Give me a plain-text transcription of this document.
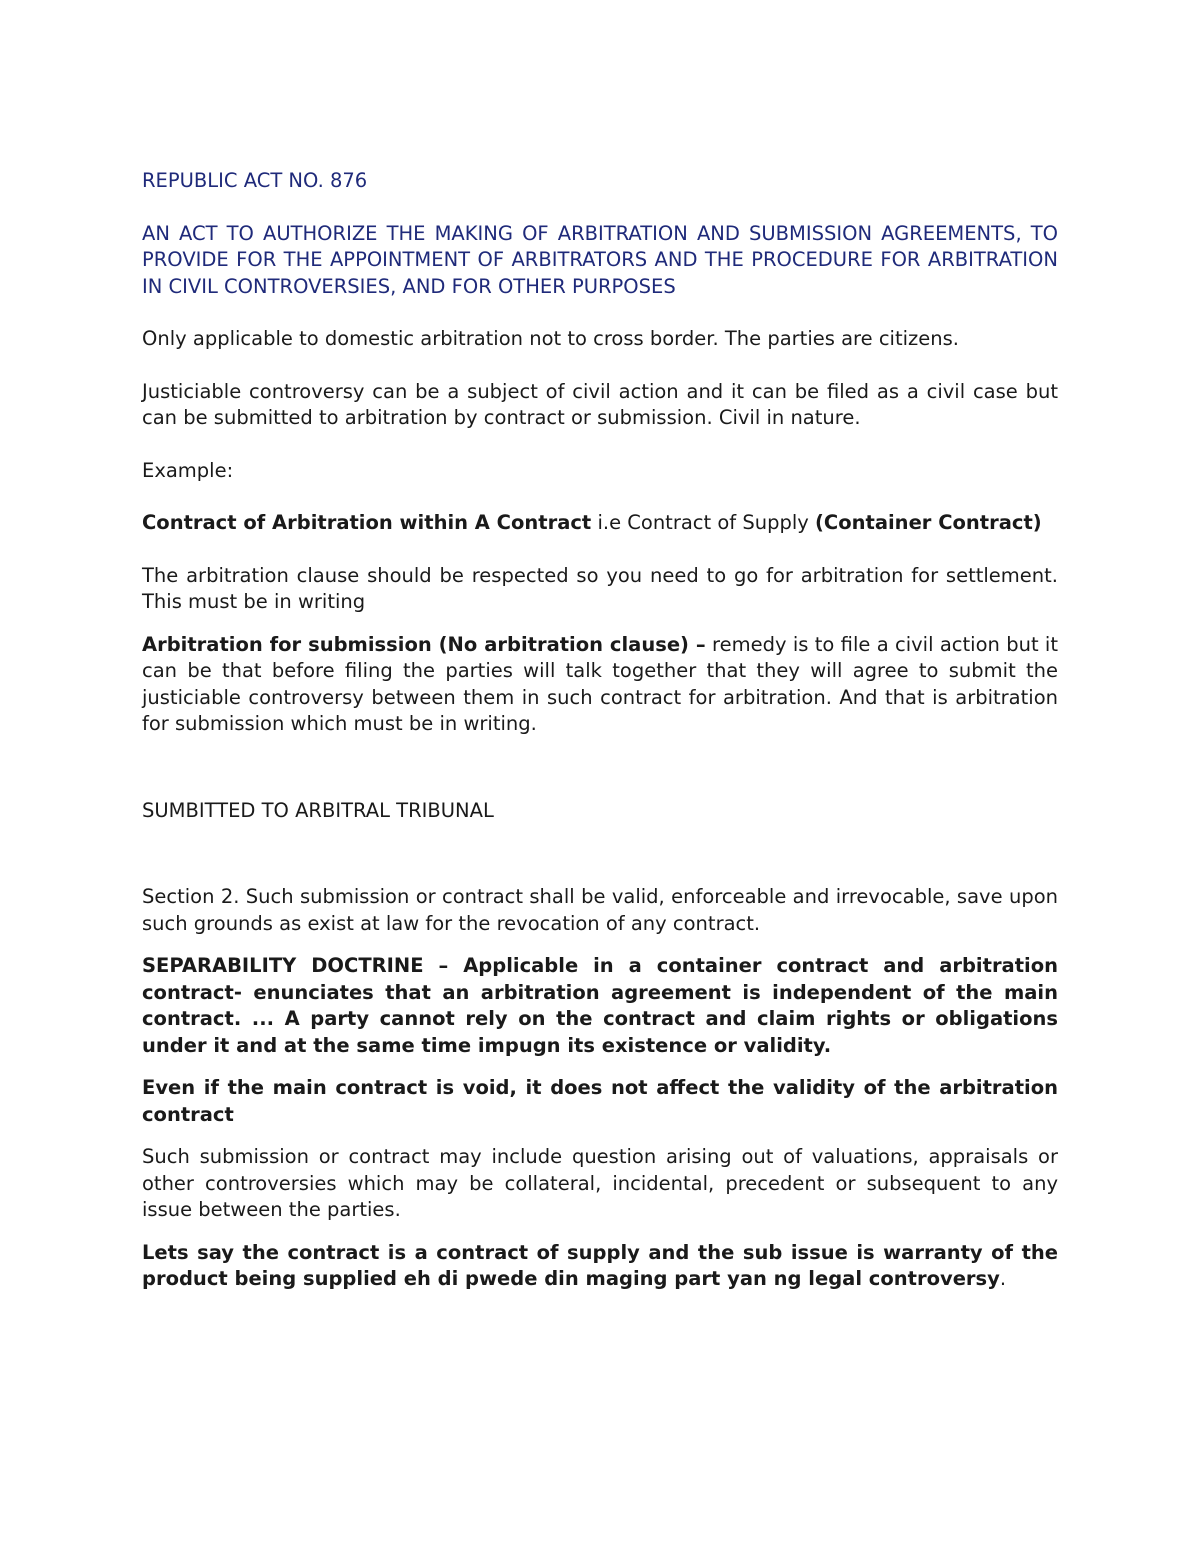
REPUBLIC ACT NO. 876

AN ACT TO AUTHORIZE THE MAKING OF ARBITRATION AND SUBMISSION AGREEMENTS, TO PROVIDE FOR THE APPOINTMENT OF ARBITRATORS AND THE PROCEDURE FOR ARBITRATION IN CIVIL CONTROVERSIES, AND FOR OTHER PURPOSES

Only applicable to domestic arbitration not to cross border. The parties are citizens.

Justiciable controversy can be a subject of civil action and it can be filed as a civil case but can be submitted to arbitration by contract or submission. Civil in nature.

Example:

Contract of Arbitration within A Contract i.e Contract of Supply (Container Contract)

The arbitration clause should be respected so you need to go for arbitration for settlement. This must be in writing

Arbitration for submission (No arbitration clause) – remedy is to file a civil action but it can be that before filing the parties will talk together that they will agree to submit the justiciable controversy between them in such contract for arbitration. And that is arbitration for submission which must be in writing.

SUMBITTED TO ARBITRAL TRIBUNAL

Section 2. Such submission or contract shall be valid, enforceable and irrevocable, save upon such grounds as exist at law for the revocation of any contract.

SEPARABILITY DOCTRINE – Applicable in a container contract and arbitration contract- enunciates that an arbitration agreement is independent of the main contract. ... A party cannot rely on the contract and claim rights or obligations under it and at the same time impugn its existence or validity.

Even if the main contract is void, it does not affect the validity of the arbitration contract

Such submission or contract may include question arising out of valuations, appraisals or other controversies which may be collateral, incidental, precedent or subsequent to any issue between the parties.

Lets say the contract is a contract of supply and the sub issue is warranty of the product being supplied eh di pwede din maging part yan ng legal controversy.
